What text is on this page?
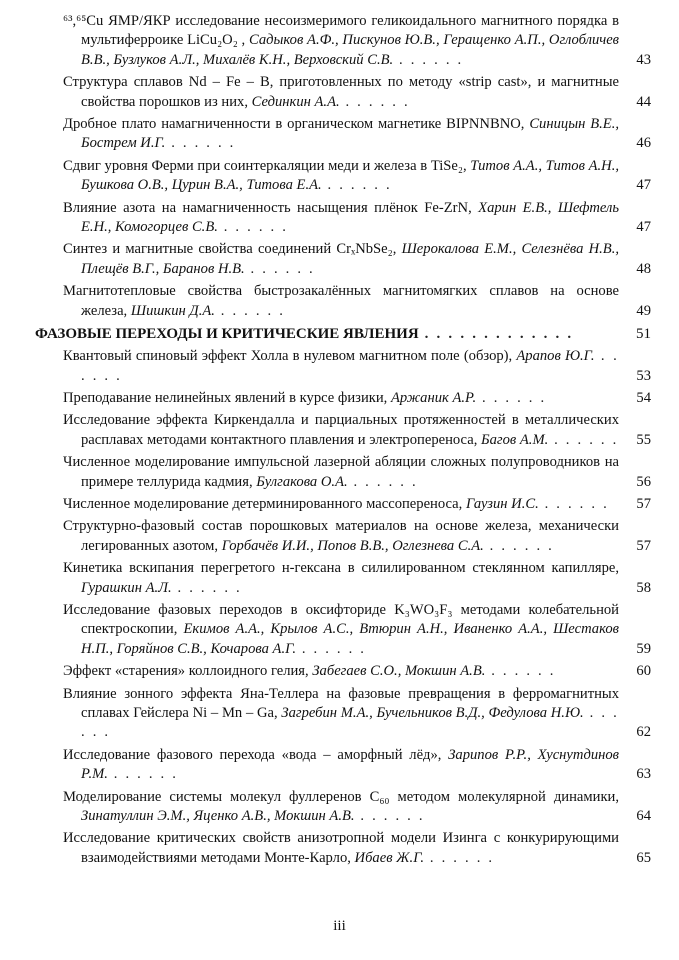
⁶³,⁶⁵Cu ЯМР/ЯКР исследование несоизмеримого геликоидального магнитного порядка в мультиферроике LiCu₂O₂ , Садыков А.Ф., Пискунов Ю.В., Геращенко А.П., Оглобличев В.В., Бузлуков А.Л., Михалёв К.Н., Верховский С.В. . . . . . .	43
Структура сплавов Nd – Fe – B, приготовленных по методу «strip cast», и магнитные свойства порошков из них, Сединкин А.А. . . . . . .	44
Дробное плато намагниченности в органическом магнетике BIPNNBNO, Синицын В.Е., Бострем И.Г. . . . . . .	46
Сдвиг уровня Ферми при соинтеркаляции меди и железа в TiSe₂, Титов А.А., Титов А.Н., Бушкова О.В., Цурин В.А., Титова Е.А. . . . . . .	47
Влияние азота на намагниченность насыщения плёнок Fe-ZrN, Харин Е.В., Шефтель Е.Н., Комогорцев С.В. . . . . . .	47
Синтез и магнитные свойства соединений CrₓNbSe₂, Шерокалова Е.М., Селезнёва Н.В., Плещёв В.Г., Баранов Н.В. . . . . . .	48
Магнитотепловые свойства быстрозакалённых магнитомягких сплавов на основе железа, Шишкин Д.А. . . . . . .	49
ФАЗОВЫЕ ПЕРЕХОДЫ И КРИТИЧЕСКИЕ ЯВЛЕНИЯ . . . . . . . . . . . . .	51
Квантовый спиновый эффект Холла в нулевом магнитном поле (обзор), Арапов Ю.Г. . . . . . .	53
Преподавание нелинейных явлений в курсе физики, Аржаник А.Р. . . . . . .	54
Исследование эффекта Киркендалла и парциальных протяженностей в металлических расплавах методами контактного плавления и электропереноса, Багов А.М. . . . . . .	55
Численное моделирование импульсной лазерной абляции сложных полупроводников на примере теллурида кадмия, Булгакова О.А. . . . . . .	56
Численное моделирование детерминированного массопереноса, Гаузин И.С. . . . . . .	57
Структурно-фазовый состав порошковых материалов на основе железа, механически легированных азотом, Горбачёв И.И., Попов В.В., Оглезнева С.А. . . . . . .	57
Кинетика вскипания перегретого н-гексана в силилированном стеклянном капилляре, Гурашкин А.Л. . . . . . .	58
Исследование фазовых переходов в оксифториде K₃WO₃F₃ методами колебательной спектроскопии, Екимов А.А., Крылов А.С., Втюрин А.Н., Иваненко А.А., Шестаков Н.П., Горяйнов С.В., Кочарова А.Г. . . . . . .	59
Эффект «старения» коллоидного гелия, Забегаев С.О., Мокшин А.В. . . . . . .	60
Влияние зонного эффекта Яна-Теллера на фазовые превращения в ферромагнитных сплавах Гейслера Ni – Mn – Ga, Загребин М.А., Бучельников В.Д., Федулова Н.Ю. . . . . . .	62
Исследование фазового перехода «вода – аморфный лёд», Зарипов Р.Р., Хуснутдинов Р.М. . . . . . .	63
Моделирование системы молекул фуллеренов C₆₀ методом молекулярной динамики, Зинатуллин Э.М., Яценко А.В., Мокшин А.В. . . . . . .	64
Исследование критических свойств анизотропной модели Изинга с конкурирующими взаимодействиями методами Монте-Карло, Ибаев Ж.Г. . . . . . .	65
iii
